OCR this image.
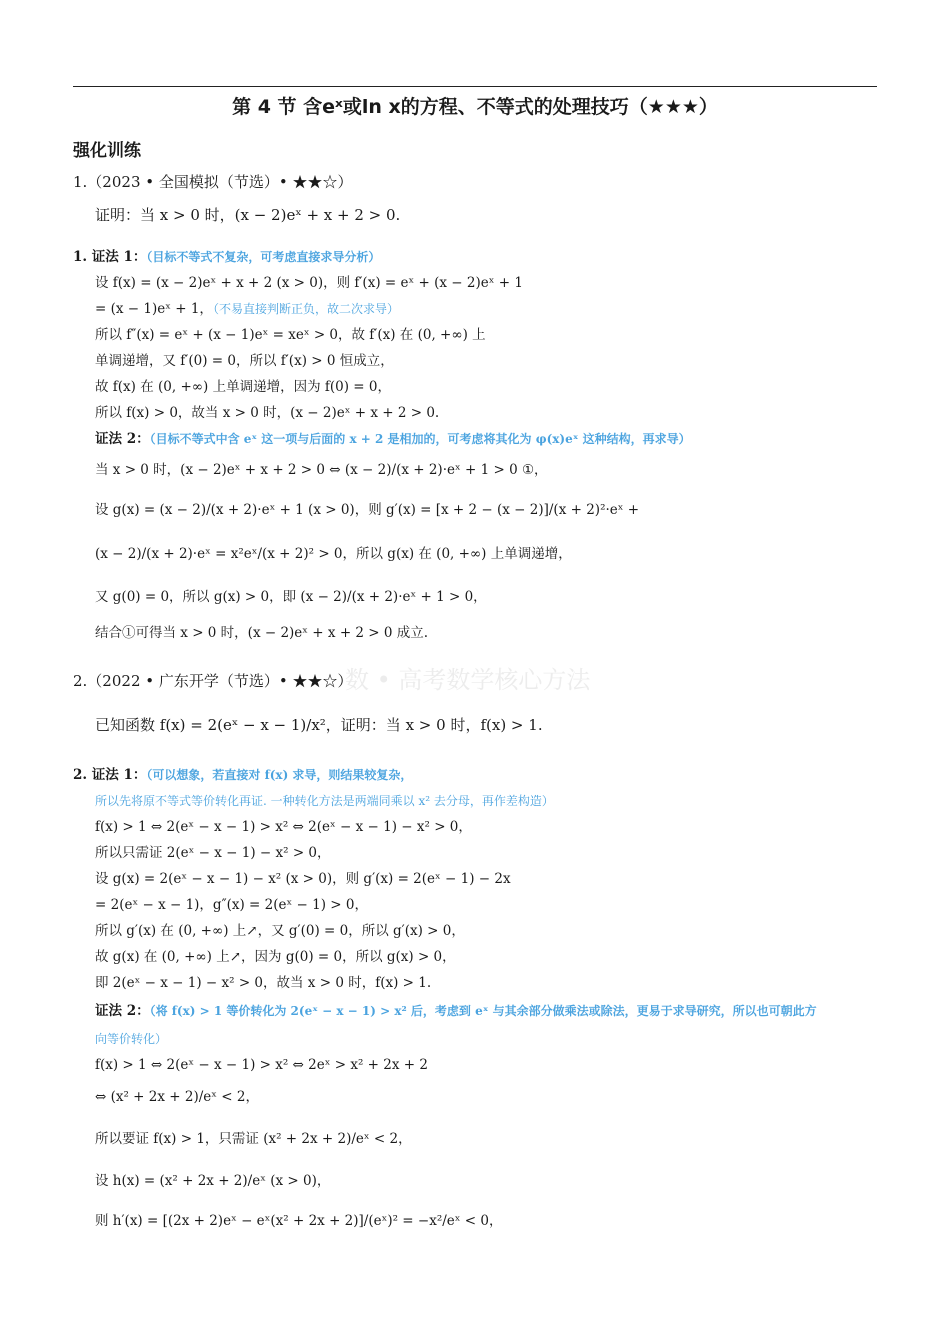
第 4 节 含eˣ或ln x的方程、不等式的处理技巧（★★★）
强化训练
数 • 高考数学核心方法
1.（2023 • 全国模拟（节选）• ★★☆）
证明：当 x > 0 时，(x − 2)eˣ + x + 2 > 0.
1. 证法 1：（目标不等式不复杂，可考虑直接求导分析）
设 f(x) = (x − 2)eˣ + x + 2 (x > 0)，则 f′(x) = eˣ + (x − 2)eˣ + 1
= (x − 1)eˣ + 1，（不易直接判断正负，故二次求导）
所以 f″(x) = eˣ + (x − 1)eˣ = xeˣ > 0，故 f′(x) 在 (0, +∞) 上
单调递增，又 f′(0) = 0，所以 f′(x) > 0 恒成立，
故 f(x) 在 (0, +∞) 上单调递增，因为 f(0) = 0，
所以 f(x) > 0，故当 x > 0 时，(x − 2)eˣ + x + 2 > 0.
证法 2：（目标不等式中含 eˣ 这一项与后面的 x + 2 是相加的，可考虑将其化为 φ(x)eˣ 这种结构，再求导）
当 x > 0 时，(x − 2)eˣ + x + 2 > 0 ⇔ (x − 2)/(x + 2)·eˣ + 1 > 0 ①，
设 g(x) = (x − 2)/(x + 2)·eˣ + 1 (x > 0)，则 g′(x) = [x + 2 − (x − 2)]/(x + 2)²·eˣ +
(x − 2)/(x + 2)·eˣ = x²eˣ/(x + 2)² > 0，所以 g(x) 在 (0, +∞) 上单调递增，
又 g(0) = 0，所以 g(x) > 0，即 (x − 2)/(x + 2)·eˣ + 1 > 0，
结合①可得当 x > 0 时，(x − 2)eˣ + x + 2 > 0 成立.
2.（2022 • 广东开学（节选）• ★★☆）
已知函数 f(x) = 2(eˣ − x − 1)/x²，证明：当 x > 0 时，f(x) > 1.
2. 证法 1：（可以想象，若直接对 f(x) 求导，则结果较复杂，
所以先将原不等式等价转化再证. 一种转化方法是两端同乘以 x² 去分母，再作差构造）
f(x) > 1 ⇔ 2(eˣ − x − 1) > x² ⇔ 2(eˣ − x − 1) − x² > 0，
所以只需证 2(eˣ − x − 1) − x² > 0，
设 g(x) = 2(eˣ − x − 1) − x² (x > 0)，则 g′(x) = 2(eˣ − 1) − 2x
= 2(eˣ − x − 1)，g″(x) = 2(eˣ − 1) > 0，
所以 g′(x) 在 (0, +∞) 上↗，又 g′(0) = 0，所以 g′(x) > 0，
故 g(x) 在 (0, +∞) 上↗，因为 g(0) = 0，所以 g(x) > 0，
即 2(eˣ − x − 1) − x² > 0，故当 x > 0 时，f(x) > 1.
证法 2：（将 f(x) > 1 等价转化为 2(eˣ − x − 1) > x² 后，考虑到 eˣ 与其余部分做乘法或除法，更易于求导研究，所以也可朝此方
向等价转化）
f(x) > 1 ⇔ 2(eˣ − x − 1) > x² ⇔ 2eˣ > x² + 2x + 2
⇔ (x² + 2x + 2)/eˣ < 2，
所以要证 f(x) > 1，只需证 (x² + 2x + 2)/eˣ < 2，
设 h(x) = (x² + 2x + 2)/eˣ (x > 0)，
则 h′(x) = [(2x + 2)eˣ − eˣ(x² + 2x + 2)]/(eˣ)² = −x²/eˣ < 0，
